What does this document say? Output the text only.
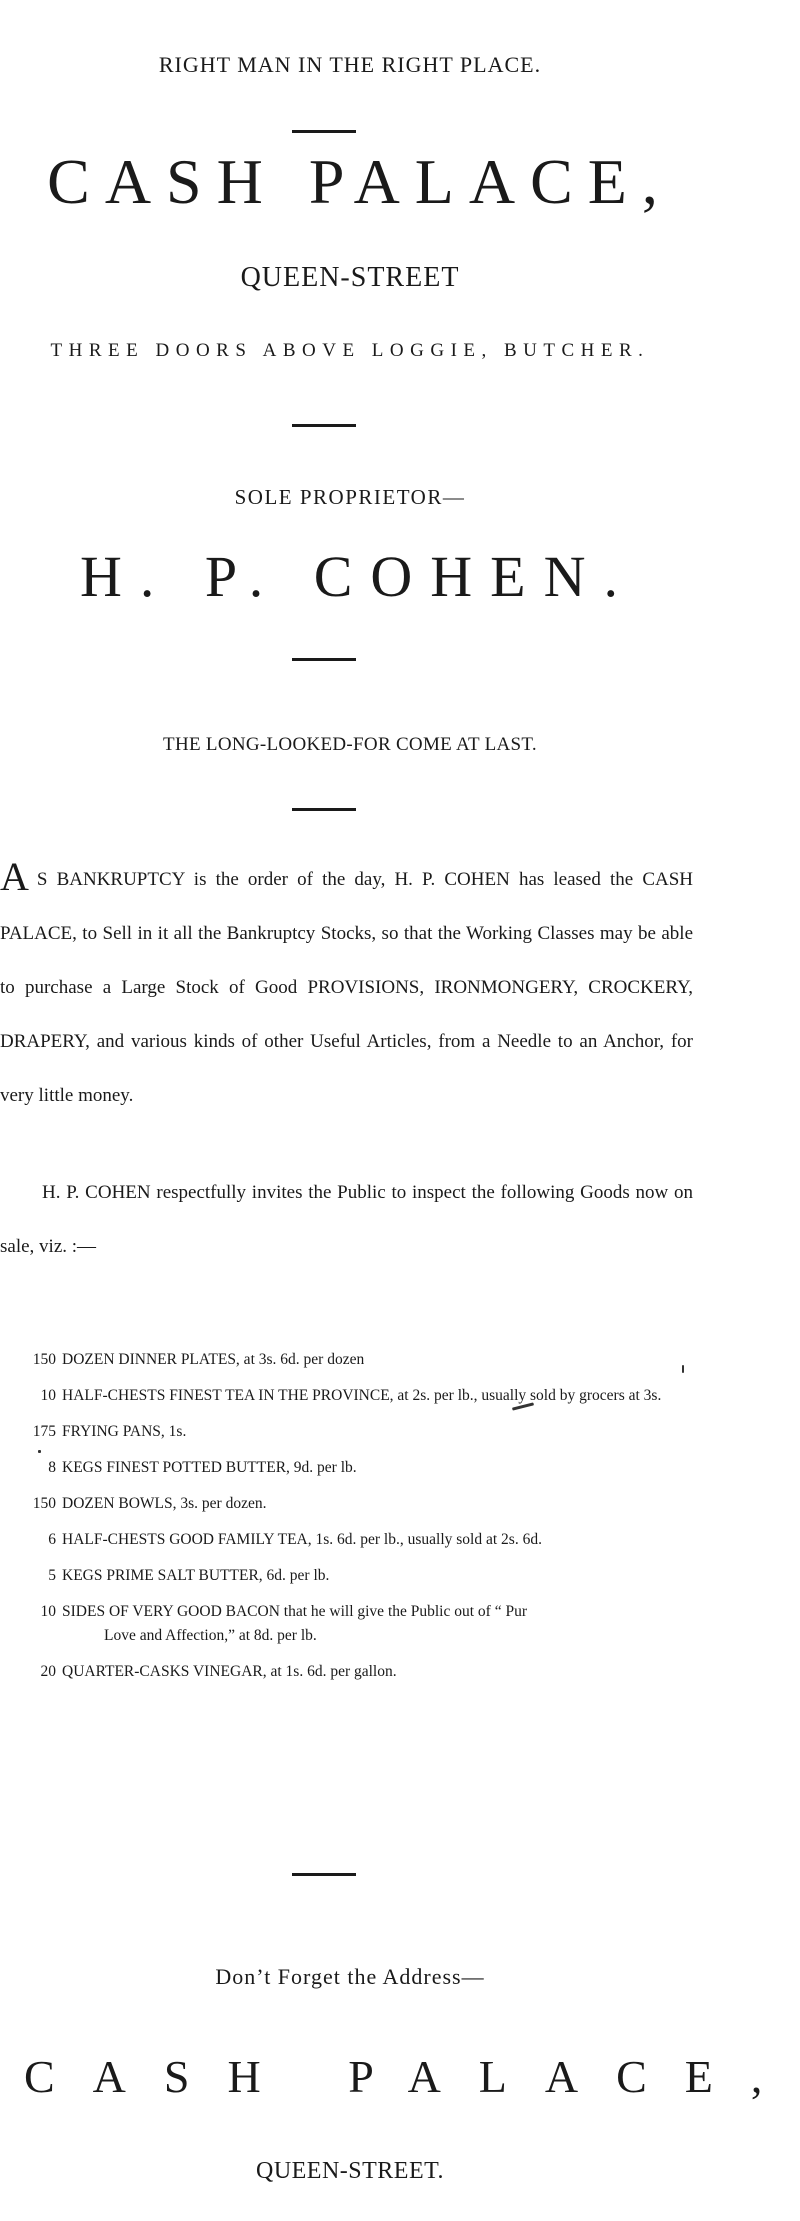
RIGHT MAN IN THE RIGHT PLACE.
CASH PALACE,
QUEEN-STREET
THREE DOORS ABOVE LOGGIE, BUTCHER.
SOLE PROPRIETOR—
H. P. COHEN.
THE LONG-LOOKED-FOR COME AT LAST.
A S BANKRUPTCY is the order of the day, H. P. COHEN has leased the CASH PALACE, to Sell in it all the Bankruptcy Stocks, so that the Working Classes may be able to purchase a Large Stock of Good PROVISIONS, IRONMONGERY, CROCKERY, DRAPERY, and various kinds of other Useful Articles, from a Needle to an Anchor, for very little money.
H. P. COHEN respectfully invites the Public to inspect the following Goods now on sale, viz. :—
150 DOZEN DINNER PLATES, at 3s. 6d. per dozen
10 HALF-CHESTS FINEST TEA IN THE PROVINCE, at 2s. per lb., usually sold by grocers at 3s.
175 FRYING PANS, 1s.
8 KEGS FINEST POTTED BUTTER, 9d. per lb.
150 DOZEN BOWLS, 3s. per dozen.
6 HALF-CHESTS GOOD FAMILY TEA, 1s. 6d. per lb., usually sold at 2s. 6d.
5 KEGS PRIME SALT BUTTER, 6d. per lb.
10 SIDES OF VERY GOOD BACON that he will give the Public out of “ Pur
Love and Affection,” at 8d. per lb.
20 QUARTER-CASKS VINEGAR, at 1s. 6d. per gallon.
Don’t Forget the Address—
CASH PALACE,
QUEEN-STREET.
